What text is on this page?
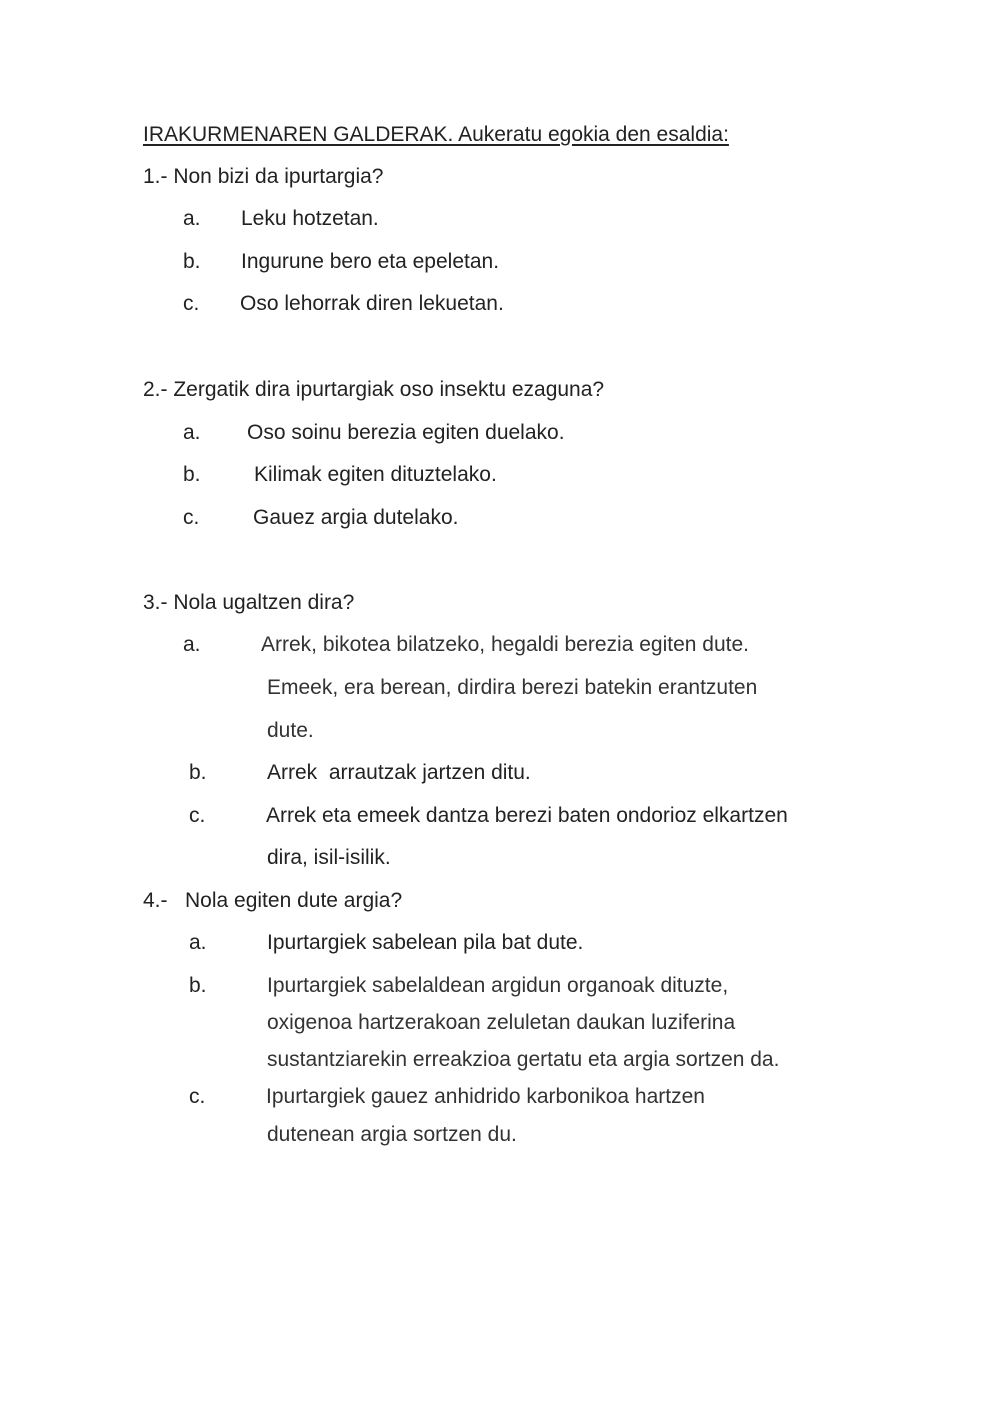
IRAKURMENAREN GALDERAK. Aukeratu egokia den esaldia:
1.- Non bizi da ipurtargia?
a. Leku hotzetan.
b. Ingurune bero eta epeletan.
c. Oso lehorrak diren lekuetan.
2.- Zergatik dira ipurtargiak oso insektu ezaguna?
a. Oso soinu berezia egiten duelako.
b.	Kilimak egiten dituztelako.
c.	Gauez argia dutelako.
3.- Nola ugaltzen dira?
a.	Arrek, bikotea bilatzeko, hegaldi berezia egiten dute.
Emeek, era berean, dirdira berezi batekin erantzuten
dute.
b.	Arrek  arrautzak jartzen ditu.
c.	Arrek eta emeek dantza berezi baten ondorioz elkartzen
dira, isil-isilik.
4.-   Nola egiten dute argia?
a.	Ipurtargiek sabelean pila bat dute.
b.	Ipurtargiek sabelaldean argidun organoak dituzte,
oxigenoa hartzerakoan zeluletan daukan luziferina
sustantziarekin erreakzioa gertatu eta argia sortzen da.
c.	Ipurtargiek gauez anhidrido karbonikoa hartzen
dutenean argia sortzen du.
